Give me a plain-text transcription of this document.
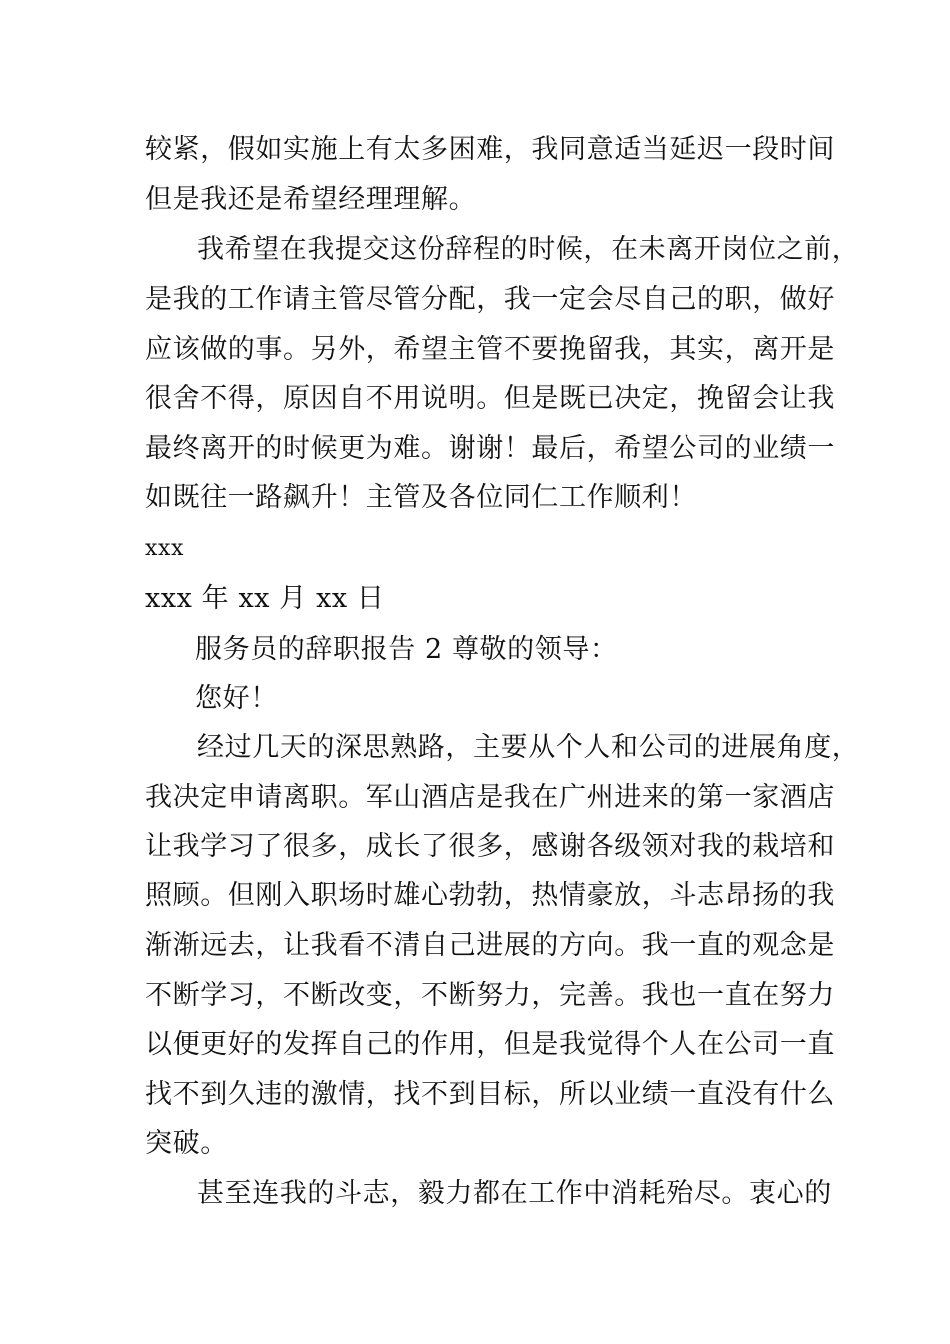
较紧，假如实施上有太多困难，我同意适当延迟一段时间
但是我还是希望经理理解。
我希望在我提交这份辞程的时候，在未离开岗位之前，
是我的工作请主管尽管分配，我一定会尽自己的职，做好
应该做的事。另外，希望主管不要挽留我，其实，离开是
很舍不得，原因自不用说明。但是既已决定，挽留会让我
最终离开的时候更为难。谢谢！最后，希望公司的业绩一
如既往一路飙升！主管及各位同仁工作顺利！
xxx
xxx 年 xx 月 xx 日
服务员的辞职报告 2 尊敬的领导：
您好！
经过几天的深思熟路，主要从个人和公司的进展角度，
我决定申请离职。军山酒店是我在广州进来的第一家酒店
让我学习了很多，成长了很多，感谢各级领对我的栽培和
照顾。但刚入职场时雄心勃勃，热情豪放，斗志昂扬的我
渐渐远去，让我看不清自己进展的方向。我一直的观念是
不断学习，不断改变，不断努力，完善。我也一直在努力
以便更好的发挥自己的作用，但是我觉得个人在公司一直
找不到久违的激情，找不到目标，所以业绩一直没有什么
突破。
甚至连我的斗志，毅力都在工作中消耗殆尽。衷心的
